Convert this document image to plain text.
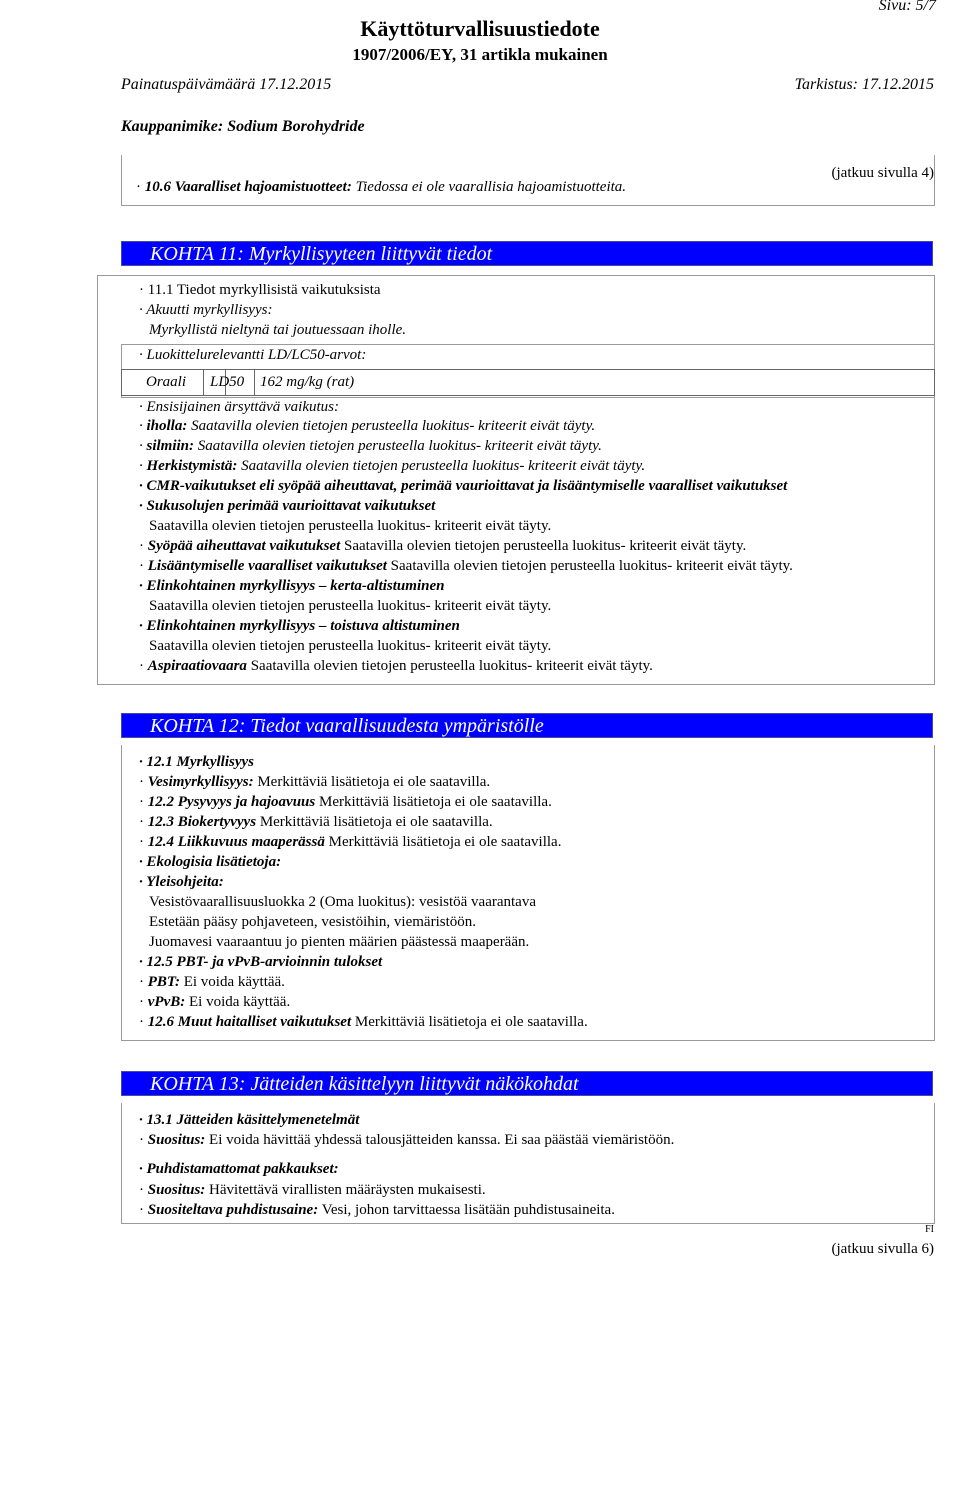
Sivu: 5/7
Käyttöturvallisuustiedote
1907/2006/EY, 31 artikla mukainen
Painatuspäivämäärä 17.12.2015	Tarkistus: 17.12.2015
Kauppanimike: Sodium Borohydride
(jatkuu sivulla 4)
· 10.6 Vaaralliset hajoamistuotteet: Tiedossa ei ole vaarallisia hajoamistuotteita.
KOHTA 11: Myrkyllisyyteen liittyvät tiedot
· 11.1 Tiedot myrkyllisistä vaikutuksista
· Akuutti myrkyllisyys:
Myrkyllistä nieltynä tai joutuessaan iholle.
· Luokittelurelevantti LD/LC50-arvot:
Oraali	LD50	162 mg/kg (rat)
· Ensisijainen ärsyttävä vaikutus:
· iholla: Saatavilla olevien tietojen perusteella luokitus- kriteerit eivät täyty.
· silmiin: Saatavilla olevien tietojen perusteella luokitus- kriteerit eivät täyty.
· Herkistymistä: Saatavilla olevien tietojen perusteella luokitus- kriteerit eivät täyty.
· CMR-vaikutukset eli syöpää aiheuttavat, perimää vaurioittavat ja lisääntymiselle vaaralliset vaikutukset
· Sukusolujen perimää vaurioittavat vaikutukset
Saatavilla olevien tietojen perusteella luokitus- kriteerit eivät täyty.
· Syöpää aiheuttavat vaikutukset Saatavilla olevien tietojen perusteella luokitus- kriteerit eivät täyty.
· Lisääntymiselle vaaralliset vaikutukset Saatavilla olevien tietojen perusteella luokitus- kriteerit eivät täyty.
· Elinkohtainen myrkyllisyys – kerta-altistuminen
Saatavilla olevien tietojen perusteella luokitus- kriteerit eivät täyty.
· Elinkohtainen myrkyllisyys – toistuva altistuminen
Saatavilla olevien tietojen perusteella luokitus- kriteerit eivät täyty.
· Aspiraatiovaara Saatavilla olevien tietojen perusteella luokitus- kriteerit eivät täyty.
KOHTA 12: Tiedot vaarallisuudesta ympäristölle
· 12.1 Myrkyllisyys
· Vesimyrkyllisyys: Merkittäviä lisätietoja ei ole saatavilla.
· 12.2 Pysyvyys ja hajoavuus Merkittäviä lisätietoja ei ole saatavilla.
· 12.3 Biokertyvyys Merkittäviä lisätietoja ei ole saatavilla.
· 12.4 Liikkuvuus maaperässä Merkittäviä lisätietoja ei ole saatavilla.
· Ekologisia lisätietoja:
· Yleisohjeita:
Vesistövaarallisuusluokka 2 (Oma luokitus): vesistöä vaarantava
Estetään pääsy pohjaveteen, vesistöihin, viemäristöön.
Juomavesi vaaraantuu jo pienten määrien päästessä maaperään.
· 12.5 PBT- ja vPvB-arvioinnin tulokset
· PBT: Ei voida käyttää.
· vPvB: Ei voida käyttää.
· 12.6 Muut haitalliset vaikutukset Merkittäviä lisätietoja ei ole saatavilla.
KOHTA 13: Jätteiden käsittelyyn liittyvät näkökohdat
· 13.1 Jätteiden käsittelymenetelmät
· Suositus: Ei voida hävittää yhdessä talousjätteiden kanssa. Ei saa päästää viemäristöön.
· Puhdistamattomat pakkaukset:
· Suositus: Hävitettävä virallisten määräysten mukaisesti.
· Suositeltava puhdistusaine: Vesi, johon tarvittaessa lisätään puhdistusaineita.
FI
(jatkuu sivulla 6)
